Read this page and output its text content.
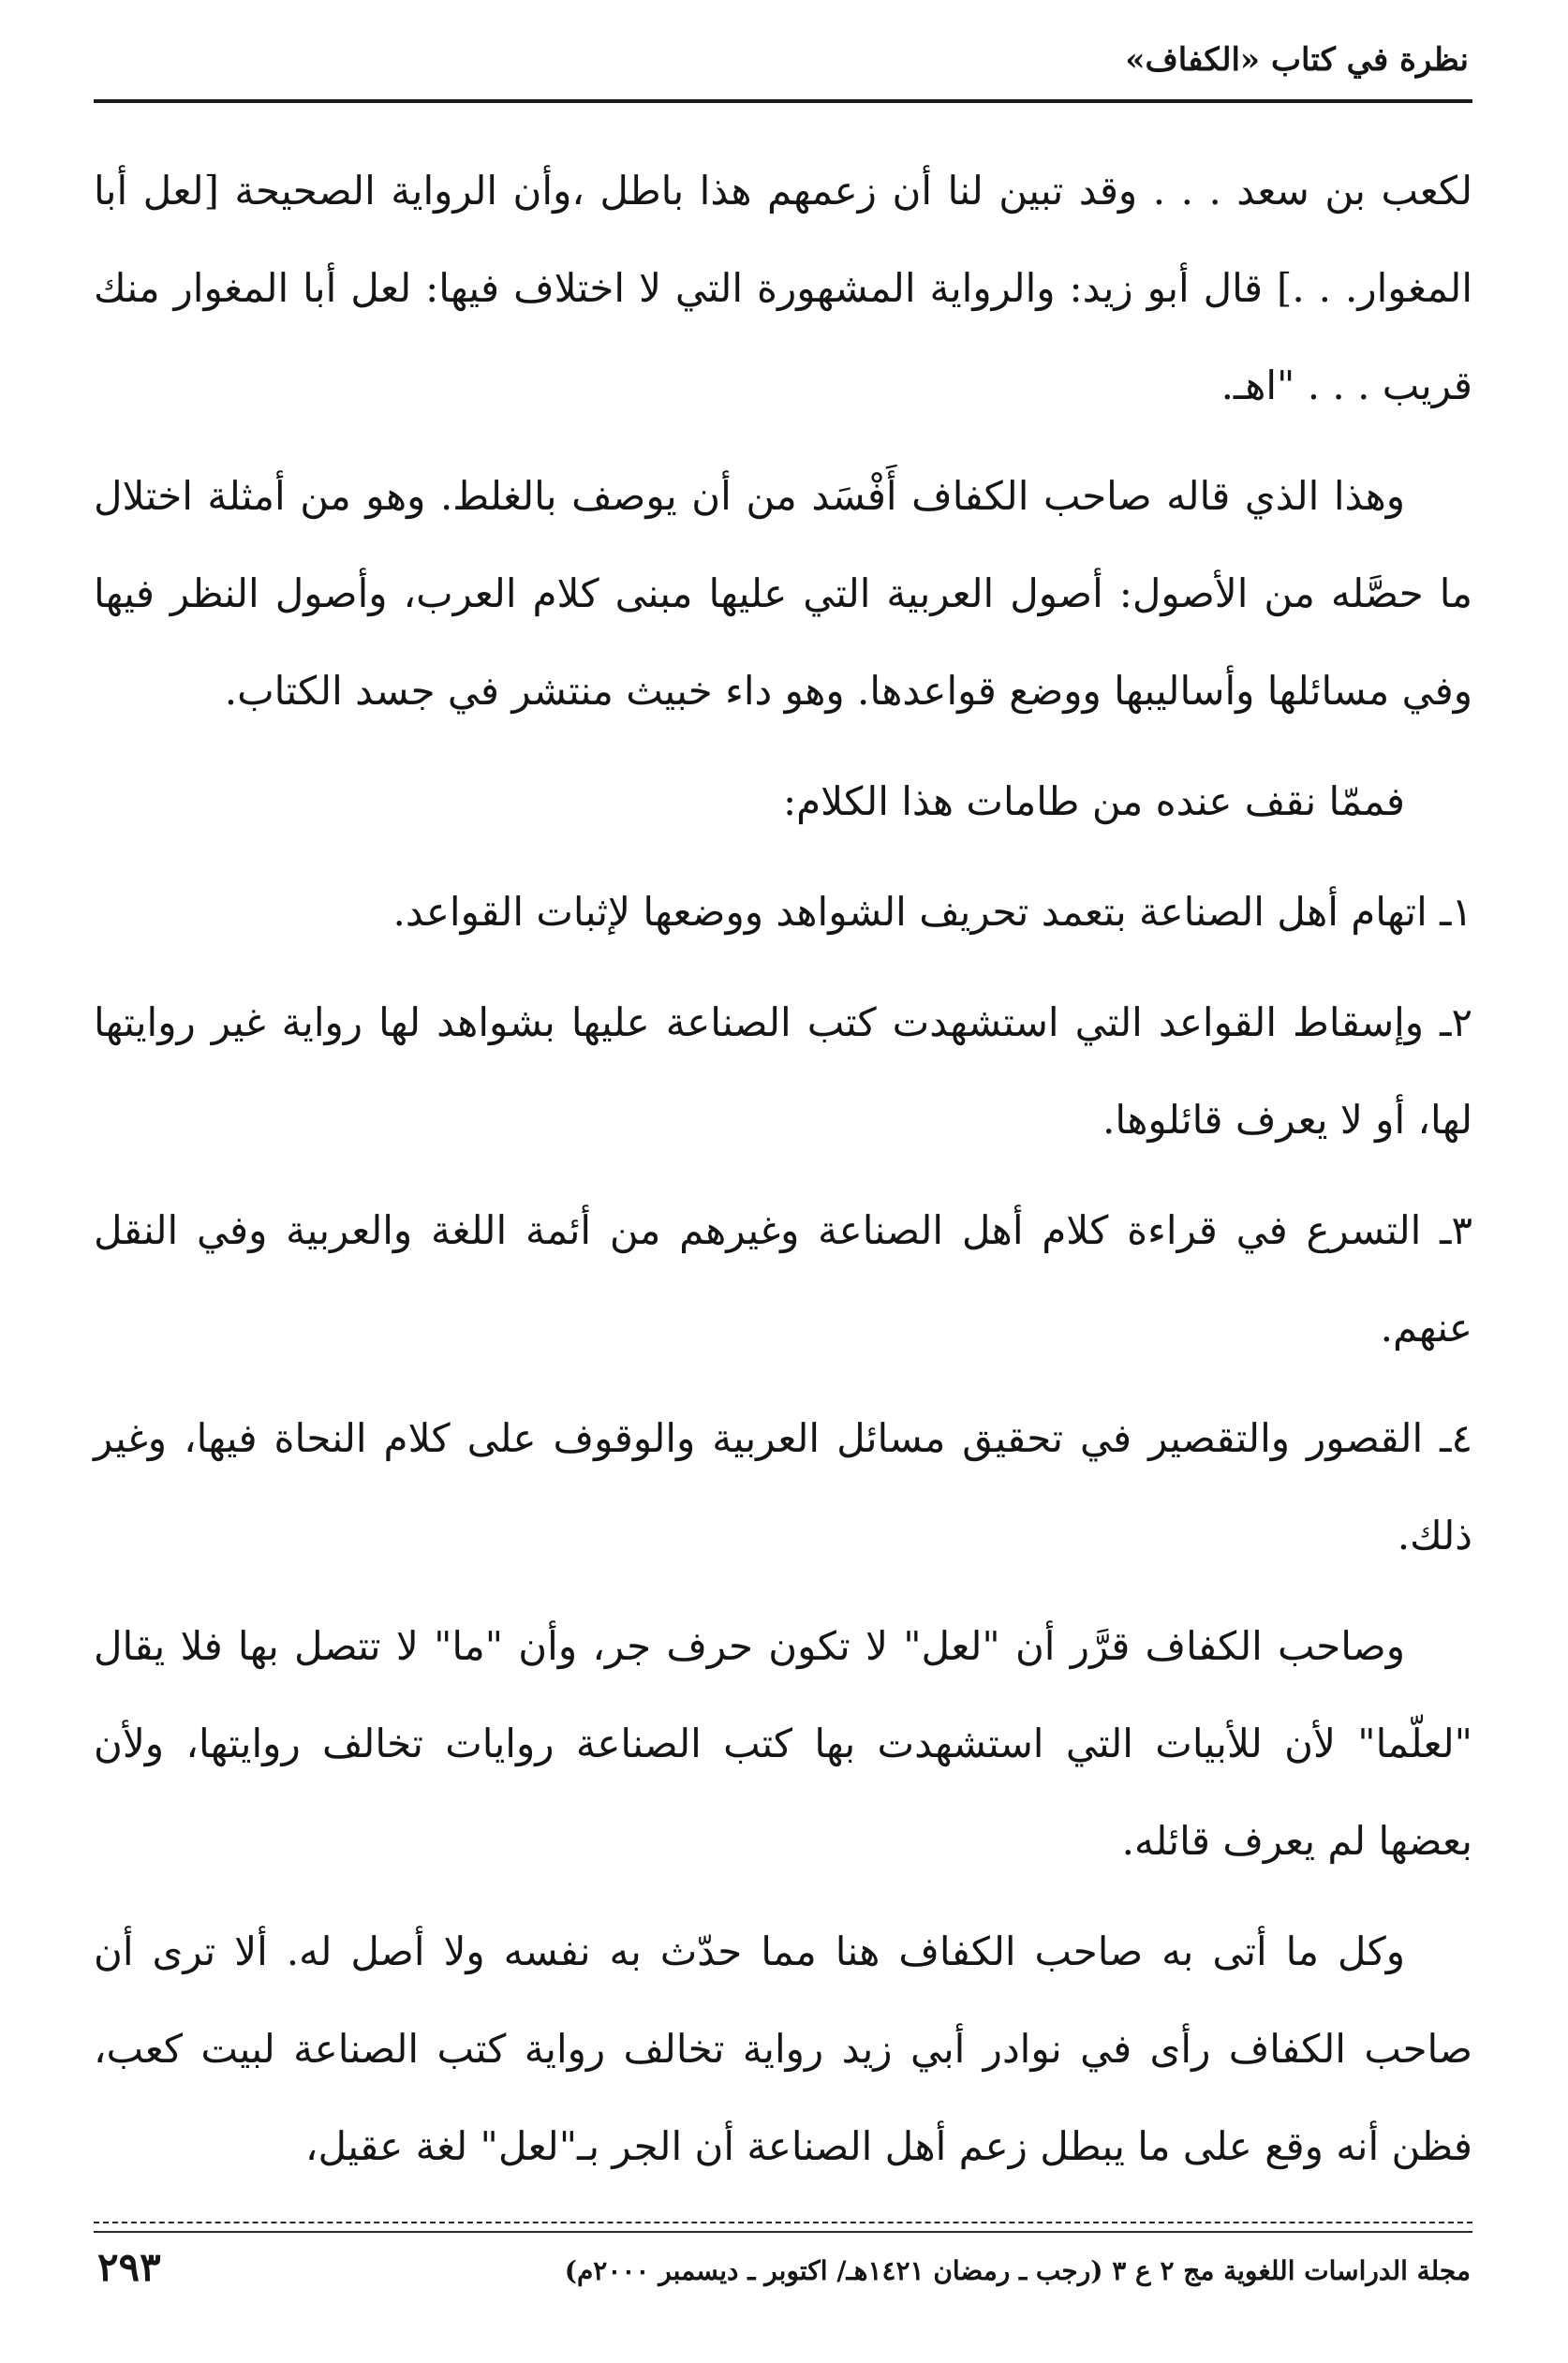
نظرة في كتاب «الكفاف»

لكعب بن سعد . . . وقد تبين لنا أن زعمهم هذا باطل ،وأن الرواية الصحيحة [لعل أبا المغوار. . .] قال أبو زيد: والرواية المشهورة التي لا اختلاف فيها: لعل أبا المغوار منك قريب . . . "اهـ.

وهذا الذي قاله صاحب الكفاف أَفْسَد من أن يوصف بالغلط. وهو من أمثلة اختلال ما حصَّله من الأصول: أصول العربية التي عليها مبنى كلام العرب، وأصول النظر فيها وفي مسائلها وأساليبها ووضع قواعدها. وهو داء خبيث منتشر في جسد الكتاب.

فممّا نقف عنده من طامات هذا الكلام:

١ـ اتهام أهل الصناعة بتعمد تحريف الشواهد ووضعها لإثبات القواعد.

٢ـ وإسقاط القواعد التي استشهدت كتب الصناعة عليها بشواهد لها رواية غير روايتها لها، أو لا يعرف قائلوها.

٣ـ التسرع في قراءة كلام أهل الصناعة وغيرهم من أئمة اللغة والعربية وفي النقل عنهم.

٤ـ القصور والتقصير في تحقيق مسائل العربية والوقوف على كلام النحاة فيها، وغير ذلك.

وصاحب الكفاف قرَّر أن "لعل" لا تكون حرف جر، وأن "ما" لا تتصل بها فلا يقال "لعلّما" لأن للأبيات التي استشهدت بها كتب الصناعة روايات تخالف روايتها، ولأن بعضها لم يعرف قائله.

وكل ما أتى به صاحب الكفاف هنا مما حدّث به نفسه ولا أصل له. ألا ترى أن صاحب الكفاف رأى في نوادر أبي زيد رواية تخالف رواية كتب الصناعة لبيت كعب، فظن أنه وقع على ما يبطل زعم أهل الصناعة أن الجر بـ"لعل" لغة عقيل،

مجلة الدراسات اللغوية مج ٢ ع ٣ (رجب ـ رمضان ١٤٢١هـ/ اكتوبر ـ ديسمبر ٢٠٠٠م)
٢٩٣
